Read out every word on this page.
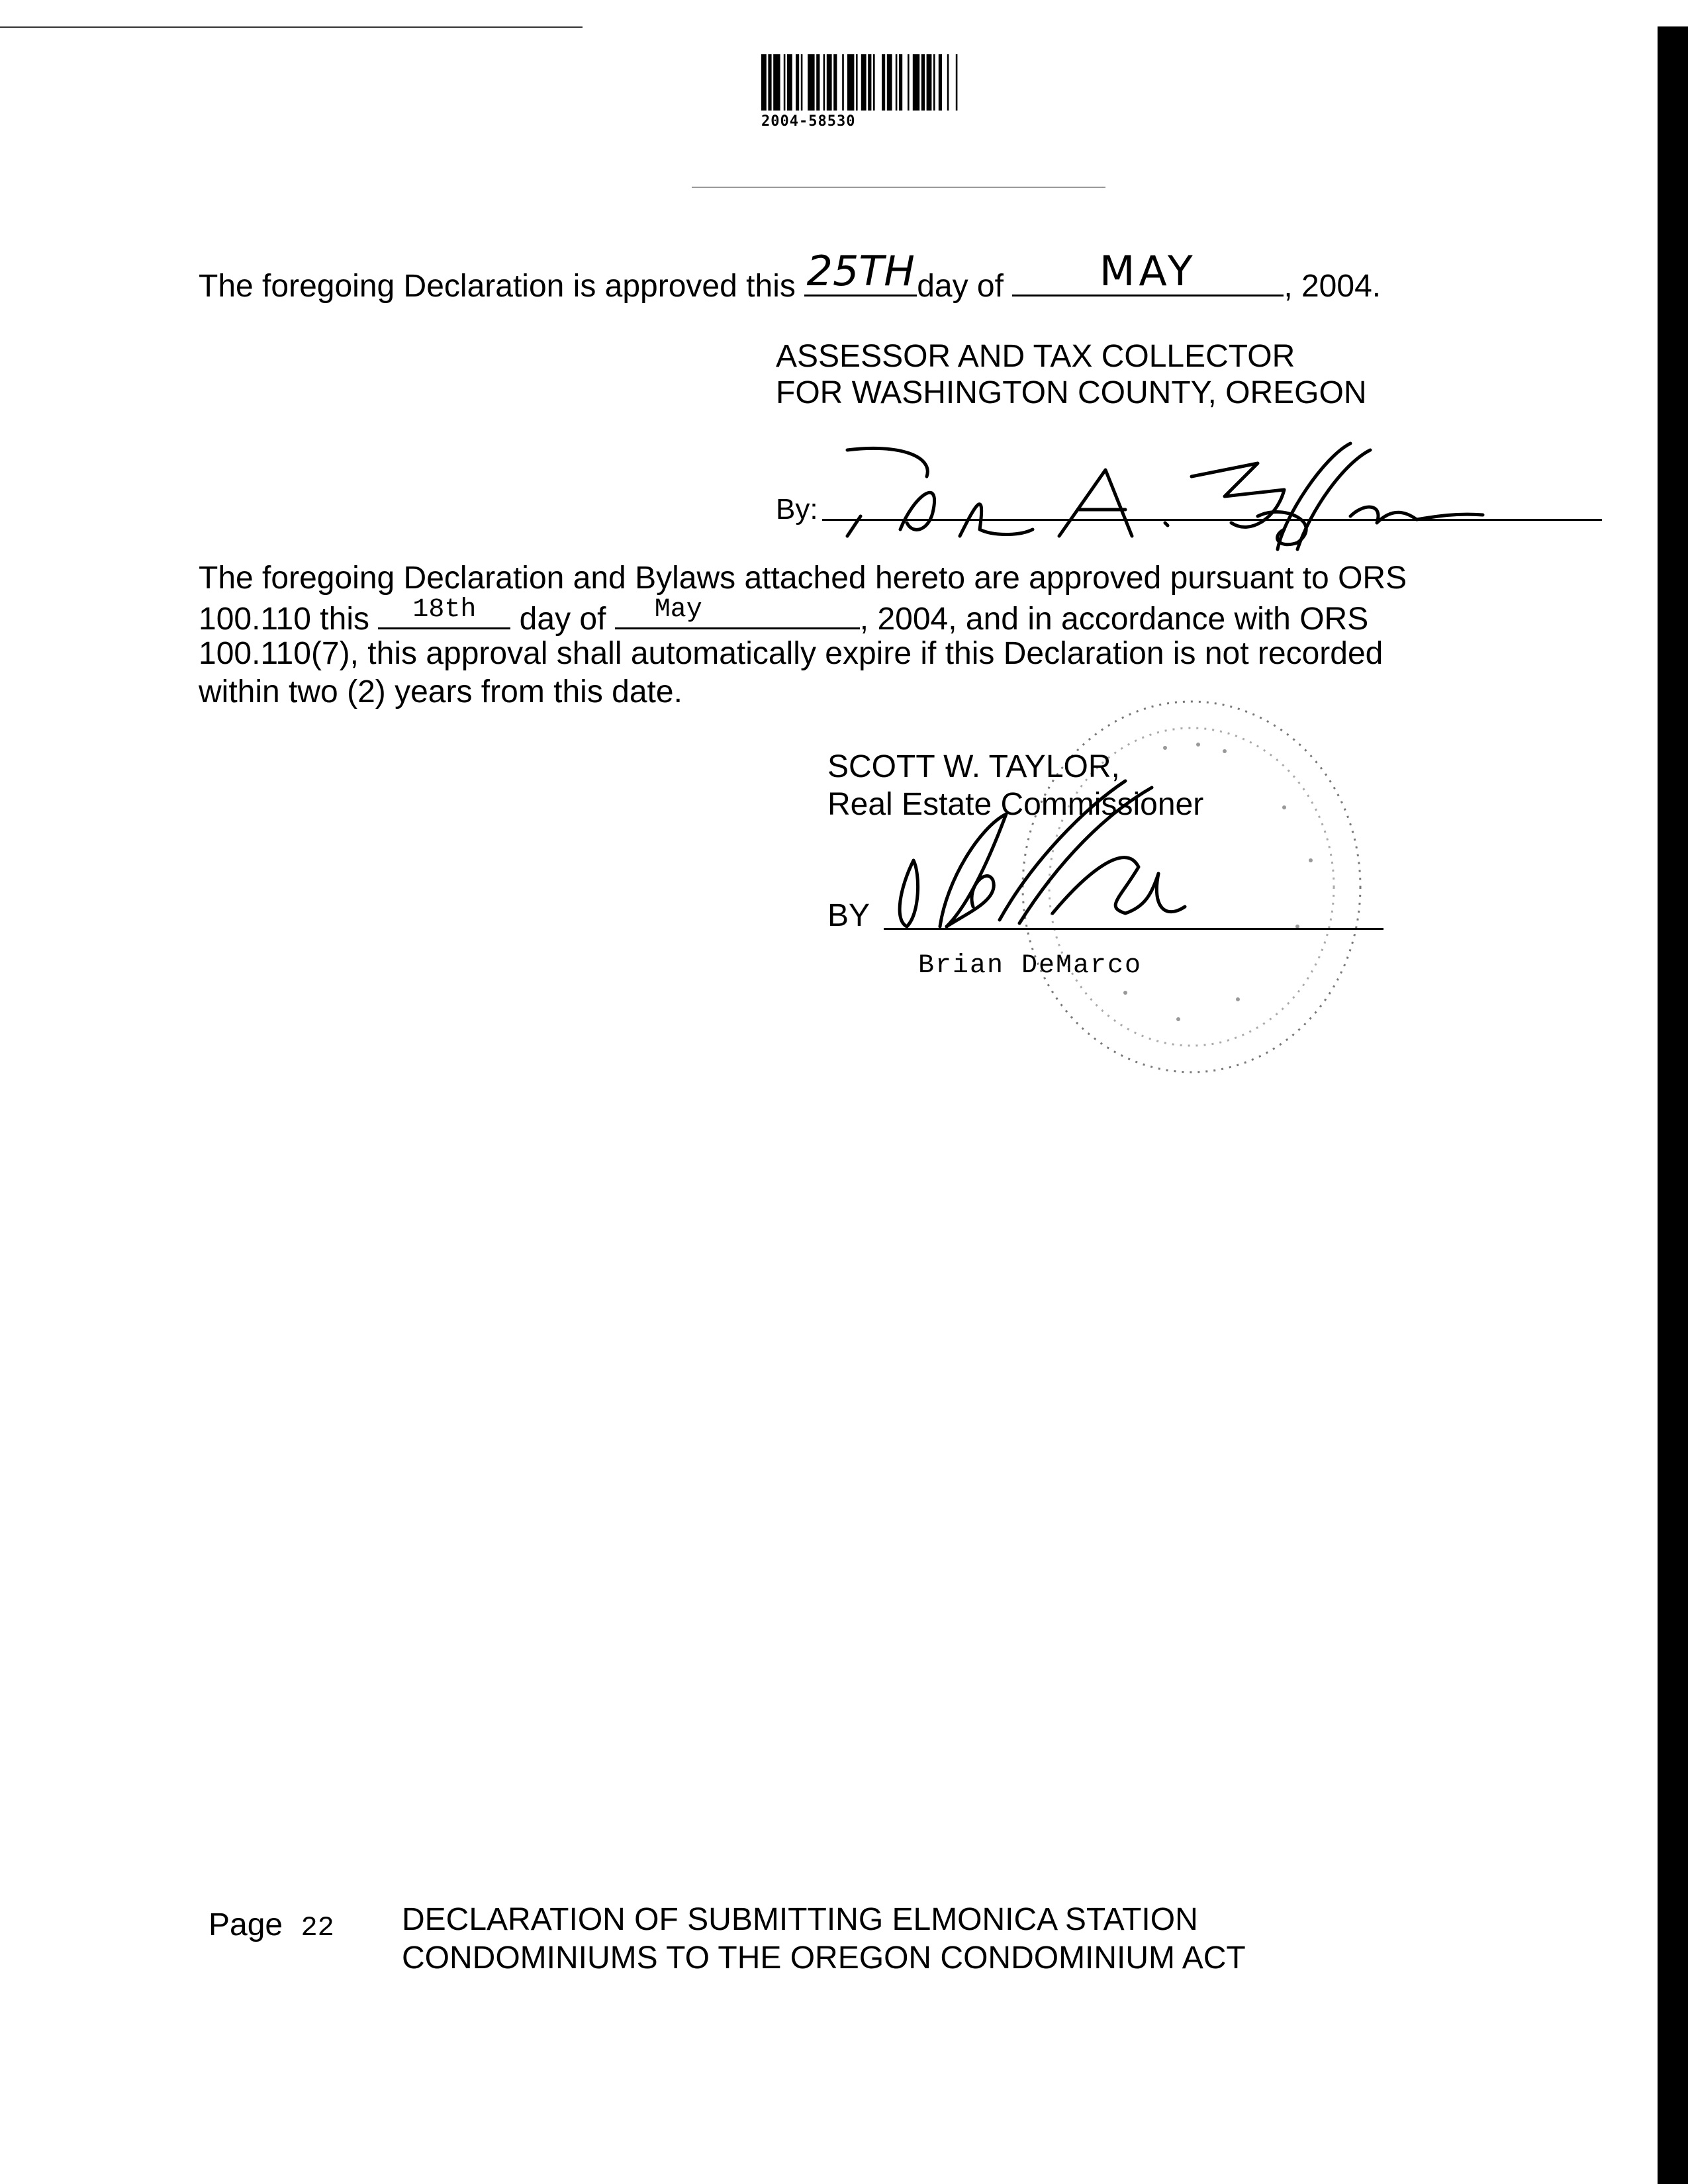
2004-58530
The foregoing Declaration is approved this 25TH day of	MAY	, 2004.
ASSESSOR AND TAX COLLECTOR
FOR WASHINGTON COUNTY, OREGON
By:
The foregoing Declaration and Bylaws attached hereto are approved pursuant to ORS
100.110 this	18th	day of	May	, 2004, and in accordance with ORS
100.110(7), this approval shall automatically expire if this Declaration is not recorded
within two (2) years from this date.
SCOTT W. TAYLOR,
Real Estate Commissioner
BY
Brian DeMarco
Page 22 DECLARATION OF SUBMITTING ELMONICA STATION
CONDOMINIUMS TO THE OREGON CONDOMINIUM ACT
